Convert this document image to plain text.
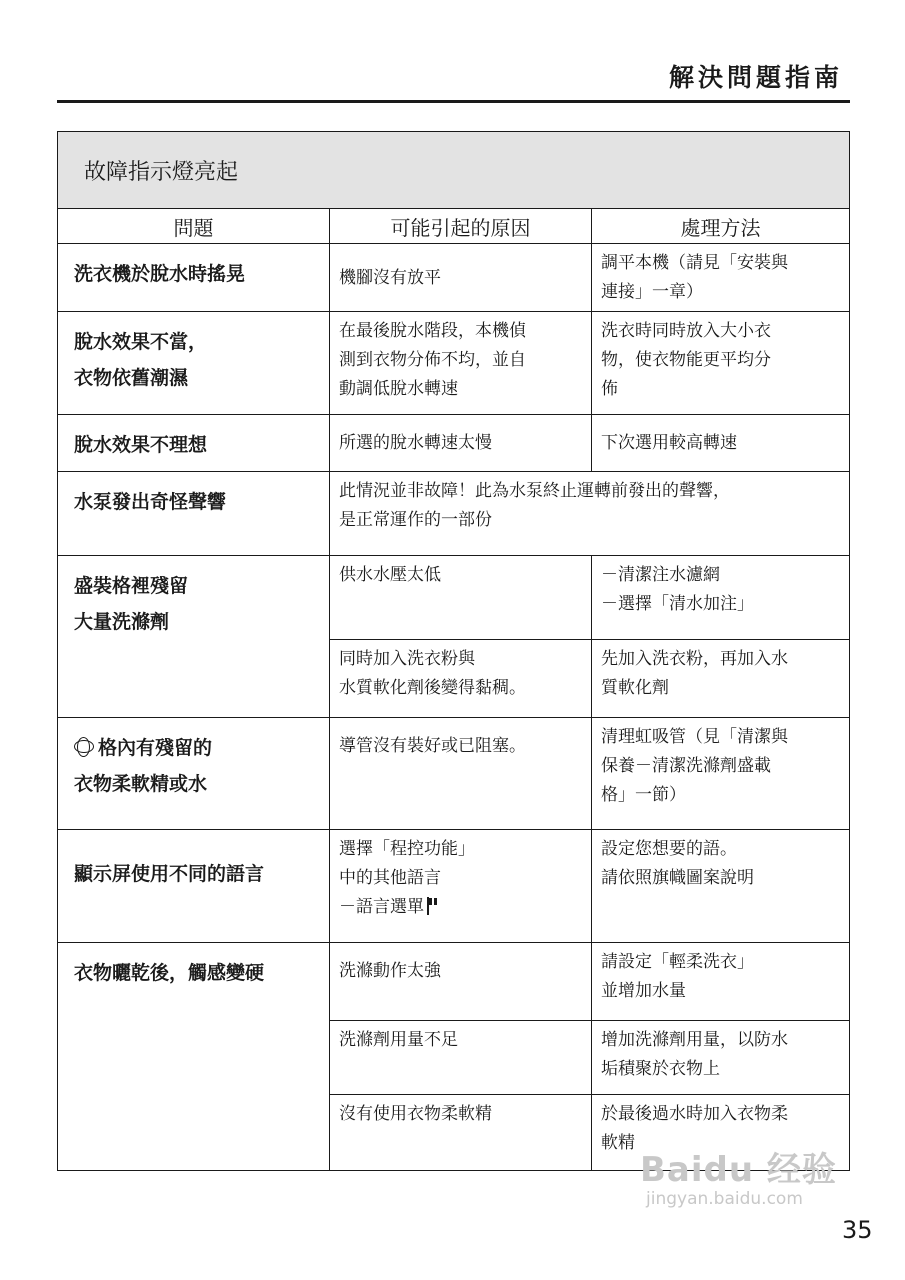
解決問題指南
故障指示燈亮起		
問題	可能引起的原因	處理方法

洗衣機於脫水時搖晃	機腳沒有放平	調平本機（請見「安裝與
連接」一章）

脫水效果不當，
衣物依舊潮濕	在最後脫水階段，本機偵
測到衣物分佈不均，並自
動調低脫水轉速	洗衣時同時放入大小衣
物，使衣物能更平均分
佈

脫水效果不理想	所選的脫水轉速太慢	下次選用較高轉速

水泵發出奇怪聲響	此情況並非故障！此為水泵終止運轉前發出的聲響，
是正常運作的一部份	

盛裝格裡殘留
大量洗滌劑	供水水壓太低	－清潔注水濾網
－選擇「清水加注」

	同時加入洗衣粉與
水質軟化劑後變得黏稠。	先加入洗衣粉，再加入水
質軟化劑

格內有殘留的
衣物柔軟精或水	導管沒有裝好或已阻塞。	清理虹吸管（見「清潔與
保養－清潔洗滌劑盛載
格」一節）

顯示屏使用不同的語言	選擇「程控功能」
中的其他語言
－語言選單	設定您想要的語。
請依照旗幟圖案說明

衣物曬乾後，觸感變硬	洗滌動作太強	請設定「輕柔洗衣」
並增加水量

	洗滌劑用量不足	增加洗滌劑用量，以防水
垢積聚於衣物上

	沒有使用衣物柔軟精	於最後過水時加入衣物柔
軟精
Baidu 经验
jingyan.baidu.com
35
